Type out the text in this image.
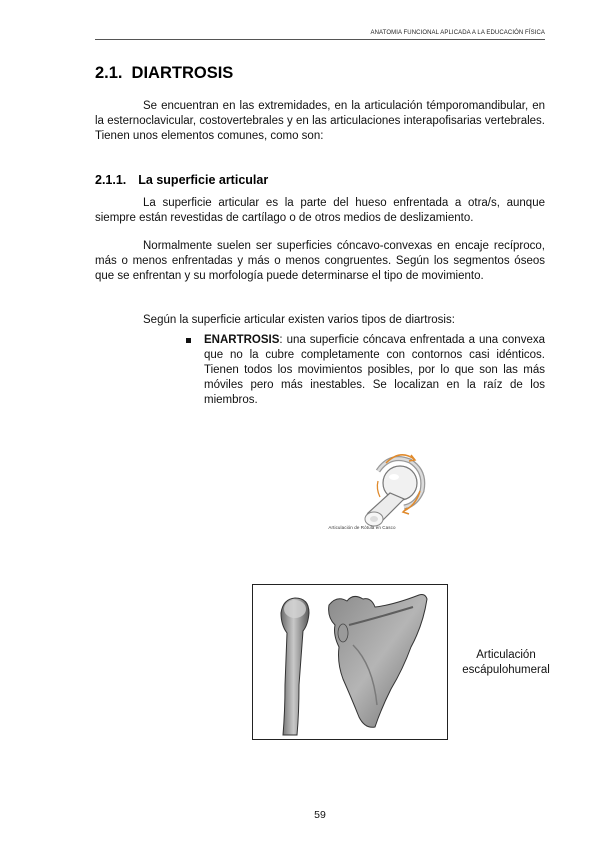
ANATOMIA FUNCIONAL APLICADA A LA EDUCACIÓN FÍSICA
2.1. DIARTROSIS

Se encuentran en las extremidades, en la articulación témporomandibular, en la esternoclavicular, costovertebrales y en las articulaciones interapofisarias vertebrales. Tienen unos elementos comunes, como son:

2.1.1. La superficie articular

La superficie articular es la parte del hueso enfrentada a otra/s, aunque siempre están revestidas de cartílago o de otros medios de deslizamiento.

Normalmente suelen ser superficies cóncavo-convexas en encaje recíproco, más o menos enfrentadas y más o menos congruentes. Según los segmentos óseos que se enfrentan y su morfología puede determinarse el tipo de movimiento.

Según la superficie articular existen varios tipos de diartrosis:

ENARTROSIS: una superficie cóncava enfrentada a una convexa que no la cubre completamente con contornos casi idénticos. Tienen todos los movimientos posibles, por lo que son las más móviles pero más inestables. Se localizan en la raíz de los miembros.
Articulación de Rótula en Casco
Articulación
escápulohumeral
59
